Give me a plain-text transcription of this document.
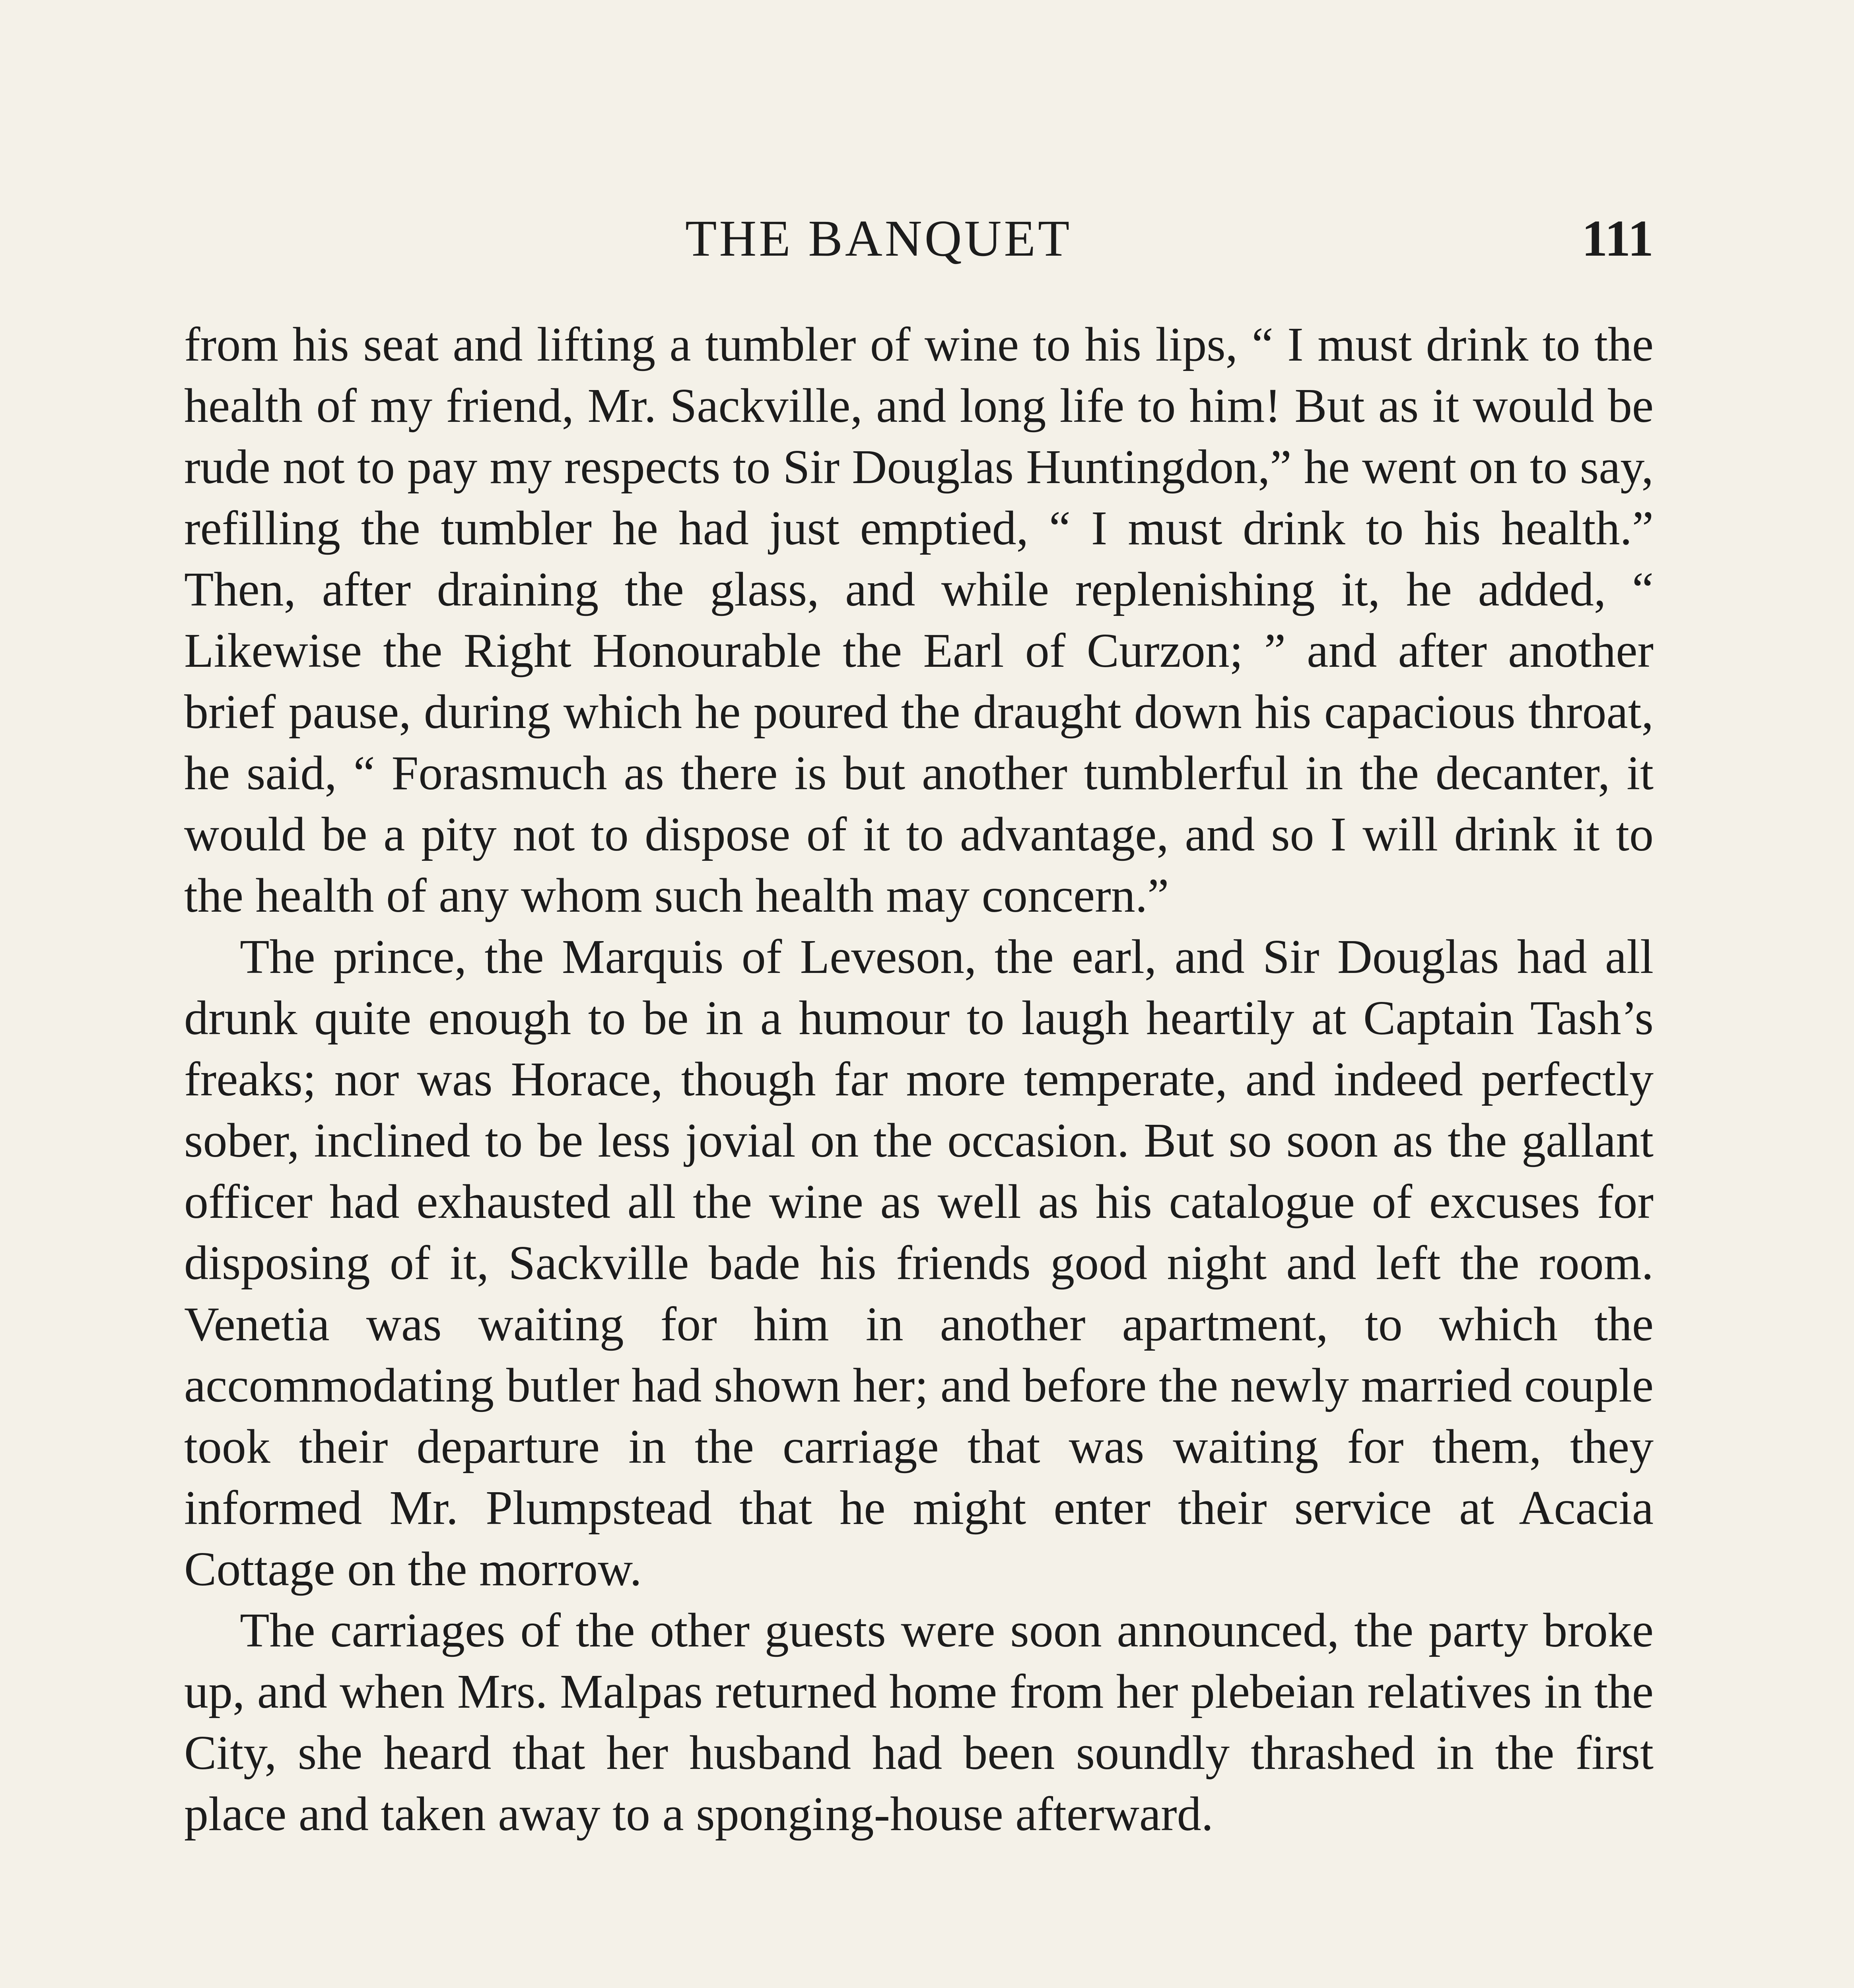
THE BANQUET	111

from his seat and lifting a tumbler of wine to his lips, “ I must drink to the health of my friend, Mr. Sackville, and long life to him! But as it would be rude not to pay my respects to Sir Douglas Huntingdon,” he went on to say, refilling the tumbler he had just emptied, “ I must drink to his health.” Then, after draining the glass, and while replenishing it, he added, “ Likewise the Right Honourable the Earl of Curzon; ” and after another brief pause, during which he poured the draught down his capacious throat, he said, “ Forasmuch as there is but another tumblerful in the decanter, it would be a pity not to dispose of it to advantage, and so I will drink it to the health of any whom such health may concern.”

The prince, the Marquis of Leveson, the earl, and Sir Douglas had all drunk quite enough to be in a humour to laugh heartily at Captain Tash’s freaks; nor was Horace, though far more temperate, and indeed perfectly sober, inclined to be less jovial on the occasion. But so soon as the gallant officer had exhausted all the wine as well as his catalogue of excuses for disposing of it, Sackville bade his friends good night and left the room. Venetia was waiting for him in another apartment, to which the accommodating butler had shown her; and before the newly married couple took their departure in the carriage that was waiting for them, they informed Mr. Plumpstead that he might enter their service at Acacia Cottage on the morrow.

The carriages of the other guests were soon announced, the party broke up, and when Mrs. Malpas returned home from her plebeian relatives in the City, she heard that her husband had been soundly thrashed in the first place and taken away to a sponging-house afterward.
